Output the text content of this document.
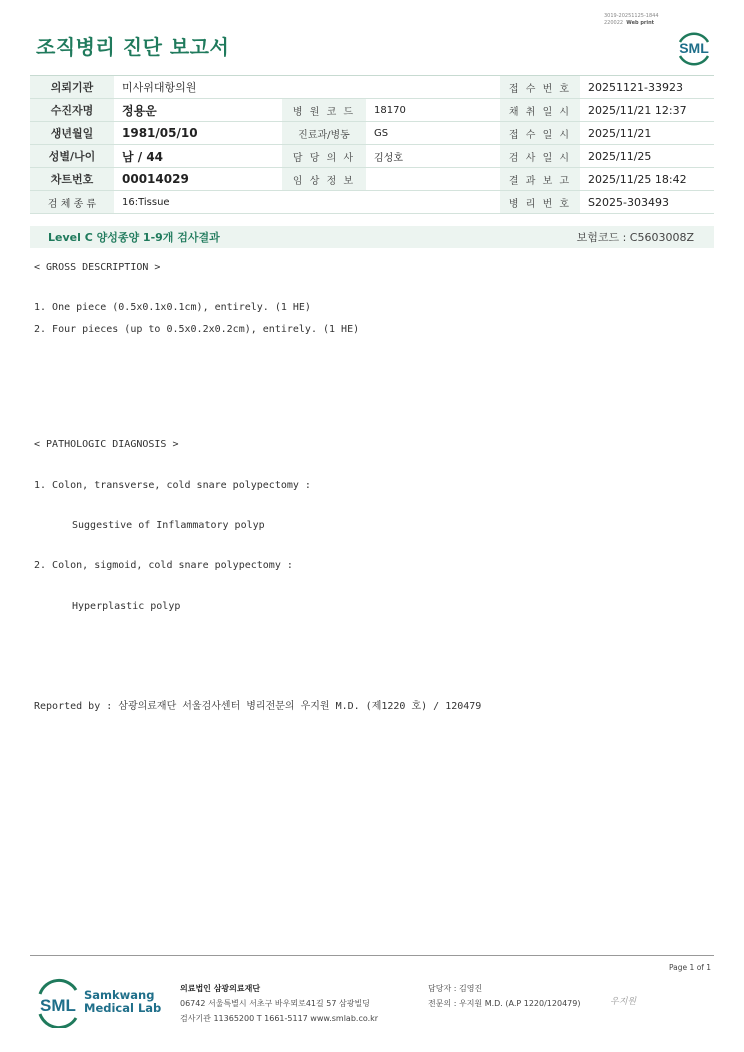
3019-20251125-1844
220022 Web print
조직병리 진단 보고서	SML
의뢰기관	미사위대항의원			접 수 번 호	20251121-33923
수진자명	정용운	병 원 코 드	18170	채 취 일 시	2025/11/21 12:37
생년월일	1981/05/10	진료과/병동	GS	접 수 일 시	2025/11/21
성별/나이	남 / 44	담 당 의 사	김성호	검 사 일 시	2025/11/25
차트번호	00014029	임 상 정 보		결 과 보 고	2025/11/25 18:42
검 체 종 류	16:Tissue			병 리 번 호	S2025-303493
Level C 양성종양 1-9개 검사결과	보험코드 : C5603008Z
< GROSS DESCRIPTION >
1. One piece (0.5x0.1x0.1cm), entirely. (1 HE)
2. Four pieces (up to 0.5x0.2x0.2cm), entirely. (1 HE)
< PATHOLOGIC DIAGNOSIS >
1. Colon, transverse, cold snare polypectomy :
Suggestive of Inflammatory polyp
2. Colon, sigmoid, cold snare polypectomy :
Hyperplastic polyp
Reported by : 삼광의료재단 서울검사센터 병리전문의 우지원 M.D. (제1220 호) / 120479
Page 1 of 1
SML
Samkwang
Medical Lab
의료법인 삼광의료재단
06742 서울특별시 서초구 바우뫼로41길 57 삼광빌딩
검사기관 11365200 T 1661-5117 www.smlab.co.kr
담당자 : 김영진
전문의 : 우지원 M.D. (A.P 1220/120479)	우지원
